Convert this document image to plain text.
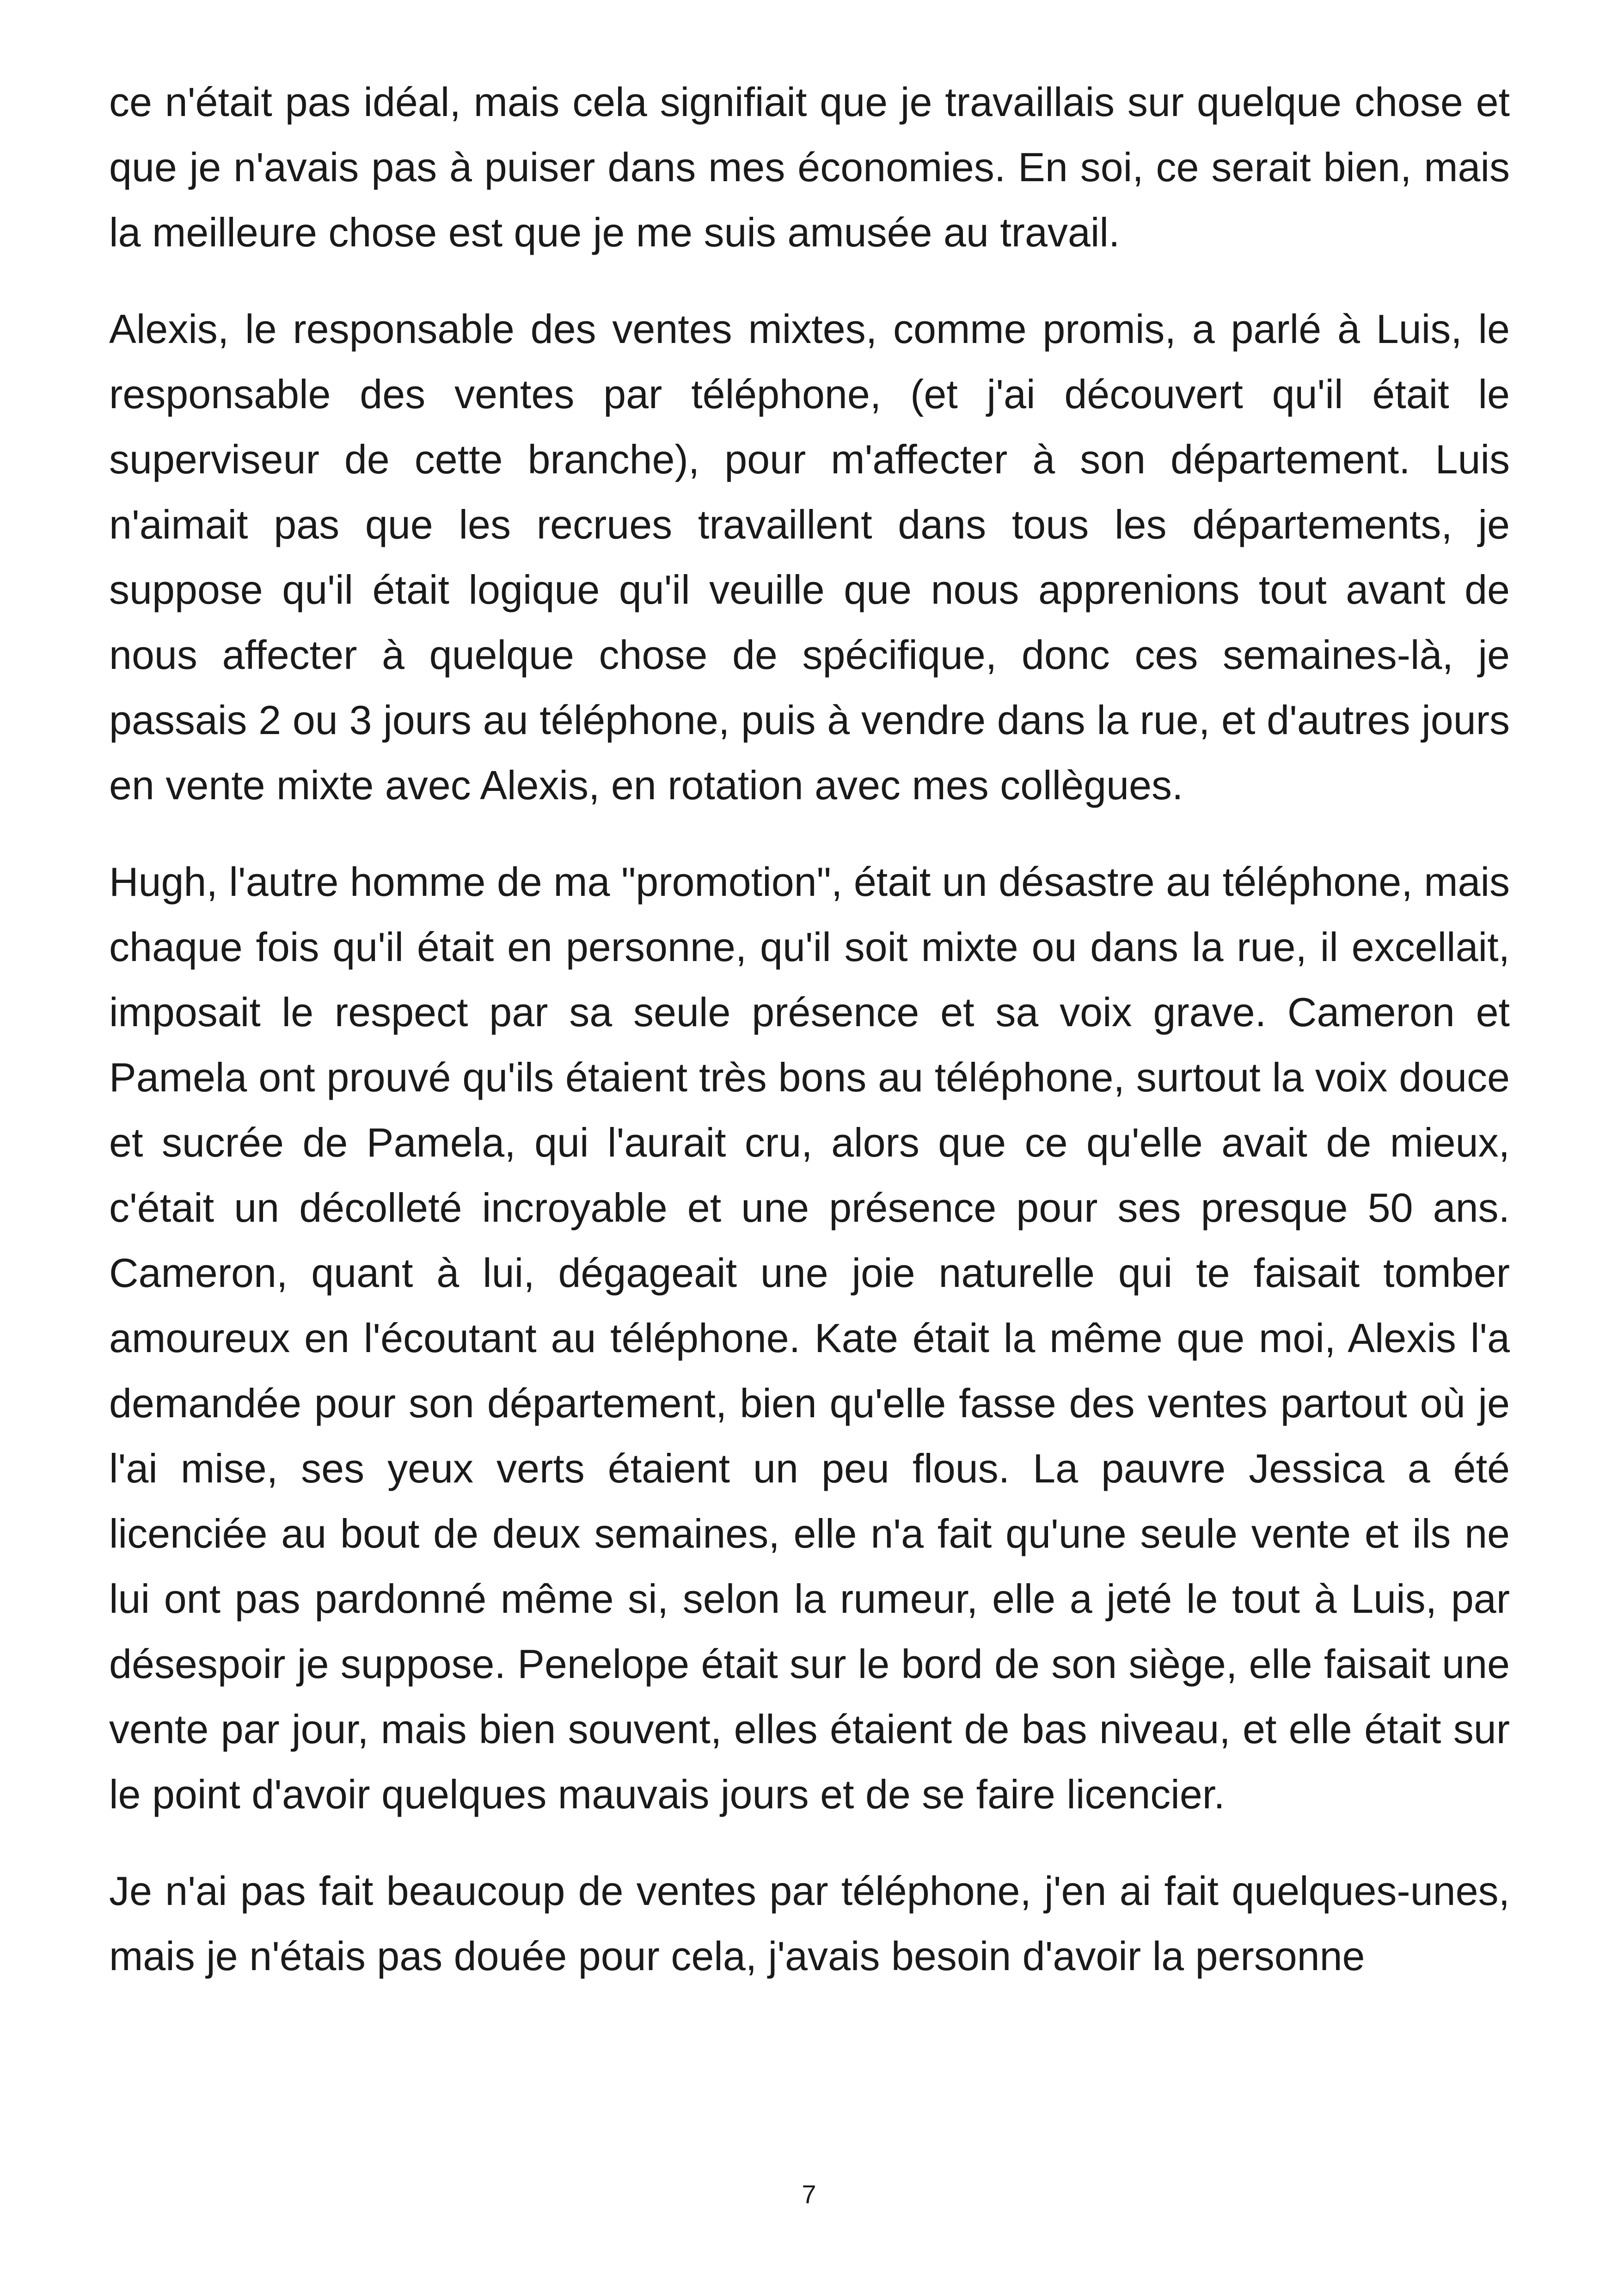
ce n'était pas idéal, mais cela signifiait que je travaillais sur quelque chose et que je n'avais pas à puiser dans mes économies. En soi, ce serait bien, mais la meilleure chose est que je me suis amusée au travail.

Alexis, le responsable des ventes mixtes, comme promis, a parlé à Luis, le responsable des ventes par téléphone, (et j'ai découvert qu'il était le superviseur de cette branche), pour m'affecter à son département. Luis n'aimait pas que les recrues travaillent dans tous les départements, je suppose qu'il était logique qu'il veuille que nous apprenions tout avant de nous affecter à quelque chose de spécifique, donc ces semaines-là, je passais 2 ou 3 jours au téléphone, puis à vendre dans la rue, et d'autres jours en vente mixte avec Alexis, en rotation avec mes collègues.

Hugh, l'autre homme de ma "promotion", était un désastre au téléphone, mais chaque fois qu'il était en personne, qu'il soit mixte ou dans la rue, il excellait, imposait le respect par sa seule présence et sa voix grave. Cameron et Pamela ont prouvé qu'ils étaient très bons au téléphone, surtout la voix douce et sucrée de Pamela, qui l'aurait cru, alors que ce qu'elle avait de mieux, c'était un décolleté incroyable et une présence pour ses presque 50 ans. Cameron, quant à lui, dégageait une joie naturelle qui te faisait tomber amoureux en l'écoutant au téléphone. Kate était la même que moi, Alexis l'a demandée pour son département, bien qu'elle fasse des ventes partout où je l'ai mise, ses yeux verts étaient un peu flous. La pauvre Jessica a été licenciée au bout de deux semaines, elle n'a fait qu'une seule vente et ils ne lui ont pas pardonné même si, selon la rumeur, elle a jeté le tout à Luis, par désespoir je suppose. Penelope était sur le bord de son siège, elle faisait une vente par jour, mais bien souvent, elles étaient de bas niveau, et elle était sur le point d'avoir quelques mauvais jours et de se faire licencier.

Je n'ai pas fait beaucoup de ventes par téléphone, j'en ai fait quelques-unes, mais je n'étais pas douée pour cela, j'avais besoin d'avoir la personne

7
